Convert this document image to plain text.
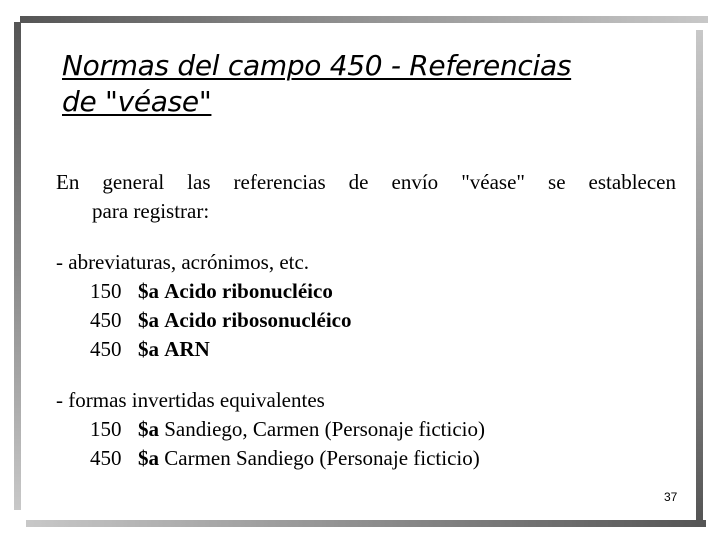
Normas del campo 450 - Referencias
de "véase"
En general las referencias de envío "véase" se establecen
para registrar:
- abreviaturas, acrónimos, etc.
150 $a Acido ribonucléico
450 $a Acido ribosonucléico
450 $a ARN
- formas invertidas equivalentes
150 $a Sandiego, Carmen (Personaje ficticio)
450 $a Carmen Sandiego (Personaje ficticio)
37
